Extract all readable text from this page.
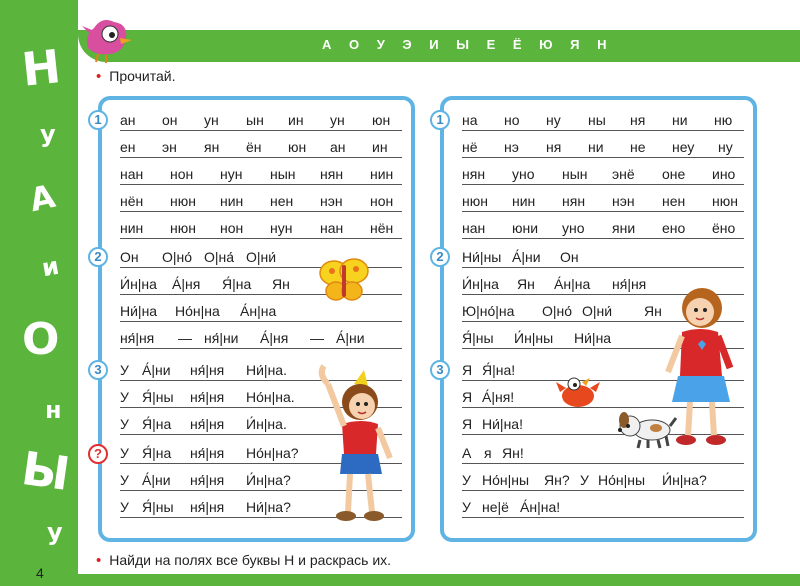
Н
у
А
и
О
н
Ы
у
4
А О У Э И Ы Е Ё Ю Я Н
• Прочитай.
1
2
3
?
ан он ун ын ин ун юн
ен эн ян ён юн ан ин
нан нон нун нын нян нин
нён нюн нин нен нэн нон
нин нюн нон нун нан нён
Он О|но́ О|на́ О|ни́
И́н|на А́|ня Я́|на Ян
Ни́|на Но́н|на А́н|на
ня́|ня — ня́|ни А́|ня — А́|ни
У А́|ни ня́|ня Ни́|на.
У Я́|ны ня́|ня Но́н|на.
У Я́|на ня́|ня И́н|на.
У Я́|на ня́|ня Но́н|на?
У А́|ни ня́|ня И́н|на?
У Я́|ны ня́|ня Ни́|на?
1
2
3
на но ну ны ня ни ню
нё нэ ня ни не неу ну
нян уно нын энё оне ино
нюн нин нян нэн нен нюн
нан юни уно яни ено ёно
Ни́|ны А́|ни Он
И́н|на Ян А́н|на ня́|ня
Ю|но́|на О|но́ О|ни́ Ян
Я́|ны И́н|ны Ни́|на
Я Я́|на!
Я А́|ня!
Я Ни́|на!
А я Ян!
У Но́н|ны Ян? У Но́н|ны И́н|на?
У не|ё А́н|на!
• Найди на полях все буквы Н и раскрась их.
